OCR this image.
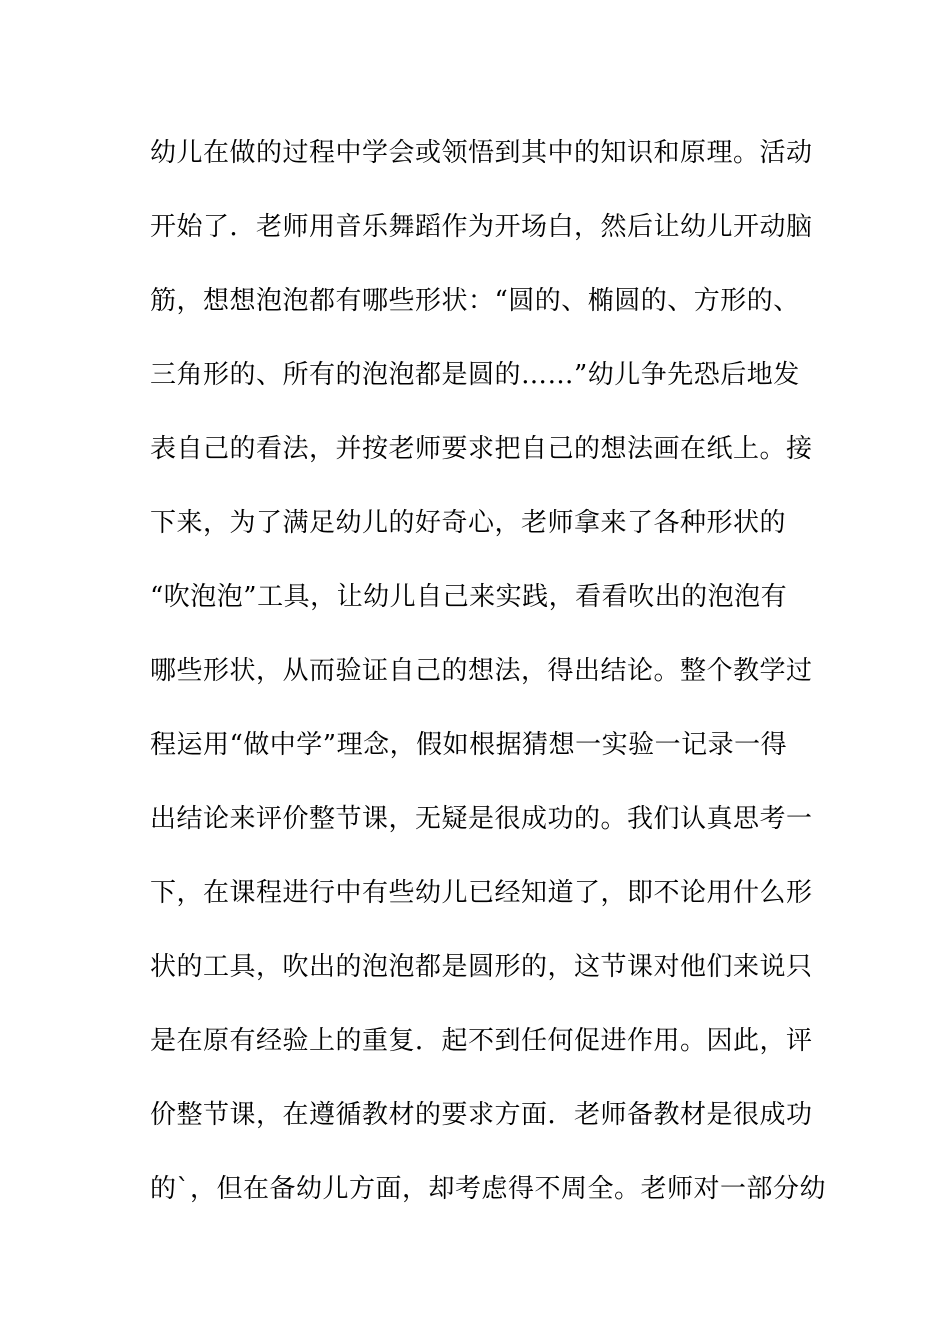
幼儿在做的过程中学会或领悟到其中的知识和原理。活动
开始了．老师用音乐舞蹈作为开场白，然后让幼儿开动脑
筋，想想泡泡都有哪些形状：“圆的、椭圆的、方形的、
三角形的、所有的泡泡都是圆的……”幼儿争先恐后地发
表自己的看法，并按老师要求把自己的想法画在纸上。接
下来，为了满足幼儿的好奇心，老师拿来了各种形状的
“吹泡泡”工具，让幼儿自己来实践，看看吹出的泡泡有
哪些形状，从而验证自己的想法，得出结论。整个教学过
程运用“做中学”理念，假如根据猜想一实验一记录一得
出结论来评价整节课，无疑是很成功的。我们认真思考一
下，在课程进行中有些幼儿已经知道了，即不论用什么形
状的工具，吹出的泡泡都是圆形的，这节课对他们来说只
是在原有经验上的重复．起不到任何促进作用。因此，评
价整节课，在遵循教材的要求方面．老师备教材是很成功
的`，但在备幼儿方面，却考虑得不周全。老师对一部分幼
